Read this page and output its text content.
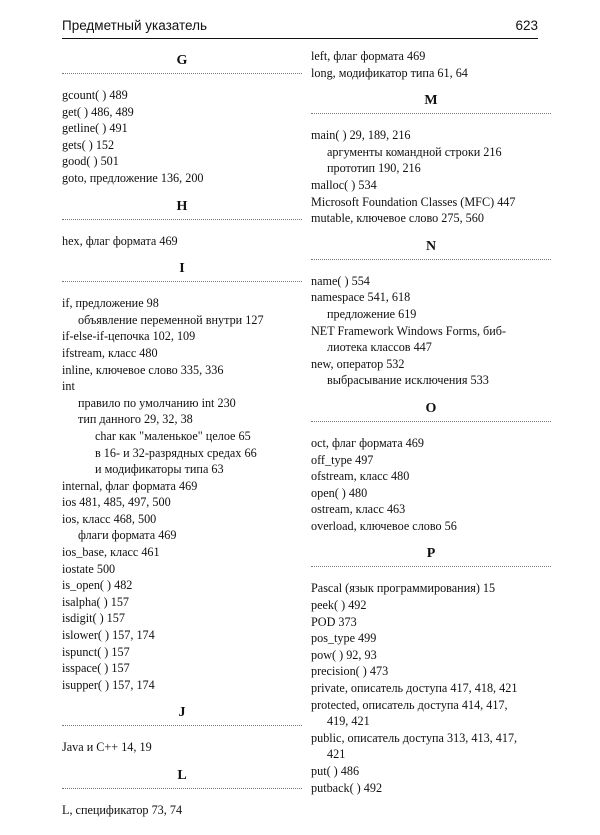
Предметный указатель	623
G
gcount( ) 489
get( ) 486, 489
getline( ) 491
gets( ) 152
good( ) 501
goto, предложение 136, 200
H
hex, флаг формата 469
I
if, предложение 98
объявление переменной внутри 127
if-else-if-цепочка 102, 109
ifstream, класс 480
inline, ключевое слово 335, 336
int
правило по умолчанию int 230
тип данного 29, 32, 38
char как "маленькое" целое 65
в 16- и 32-разрядных средах 66
и модификаторы типа 63
internal, флаг формата 469
ios 481, 485, 497, 500
ios, класс 468, 500
флаги формата 469
ios_base, класс 461
iostate 500
is_open( ) 482
isalpha( ) 157
isdigit( ) 157
islower( ) 157, 174
ispunct( ) 157
isspace( ) 157
isupper( ) 157, 174
J
Java и C++ 14, 19
L
L, спецификатор 73, 74
left, флаг формата 469
long, модификатор типа 61, 64
M
main( ) 29, 189, 216
аргументы командной строки 216
прототип 190, 216
malloc( ) 534
Microsoft Foundation Classes (MFC) 447
mutable, ключевое слово 275, 560
N
name( ) 554
namespace 541, 618
предложение 619
NET Framework Windows Forms, биб-
лиотека классов 447
new, оператор 532
выбрасывание исключения 533
O
oct, флаг формата 469
off_type 497
ofstream, класс 480
open( ) 480
ostream, класс 463
overload, ключевое слово 56
P
Pascal (язык программирования) 15
peek( ) 492
POD 373
pos_type 499
pow( ) 92, 93
precision( ) 473
private, описатель доступа 417, 418, 421
protected, описатель доступа 414, 417,
419, 421
public, описатель доступа 313, 413, 417,
421
put( ) 486
putback( ) 492
